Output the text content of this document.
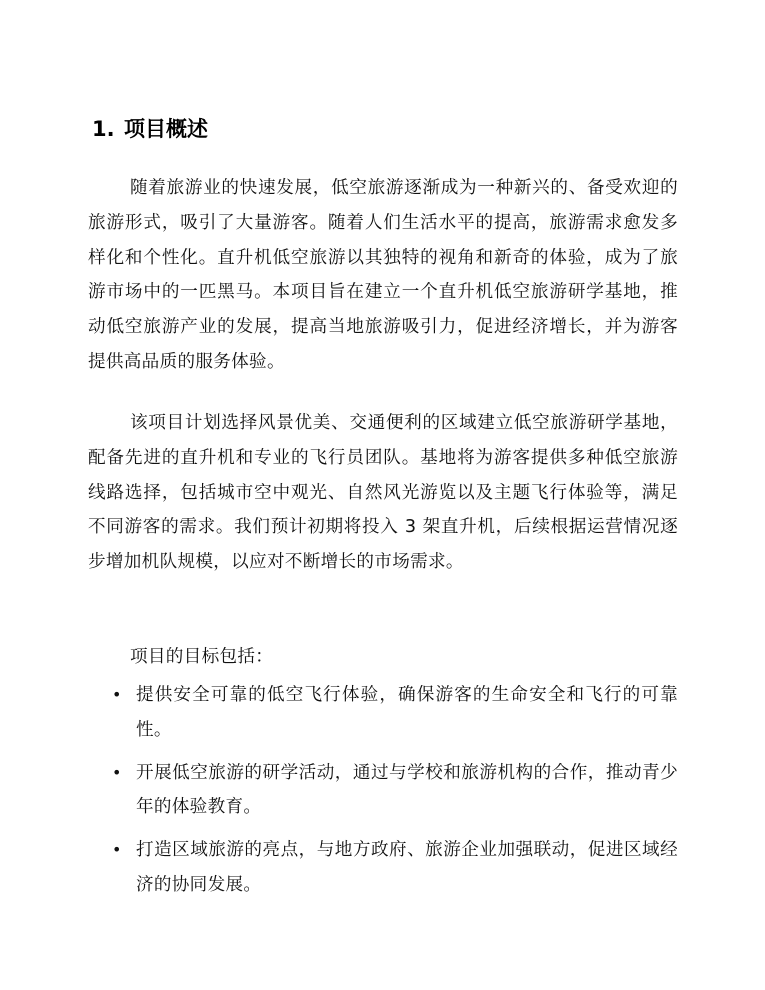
1. 项目概述

随着旅游业的快速发展，低空旅游逐渐成为一种新兴的、备受欢迎的旅游形式，吸引了大量游客。随着人们生活水平的提高，旅游需求愈发多样化和个性化。直升机低空旅游以其独特的视角和新奇的体验，成为了旅游市场中的一匹黑马。本项目旨在建立一个直升机低空旅游研学基地，推动低空旅游产业的发展，提高当地旅游吸引力，促进经济增长，并为游客提供高品质的服务体验。

该项目计划选择风景优美、交通便利的区域建立低空旅游研学基地，配备先进的直升机和专业的飞行员团队。基地将为游客提供多种低空旅游线路选择，包括城市空中观光、自然风光游览以及主题飞行体验等，满足不同游客的需求。我们预计初期将投入 3 架直升机，后续根据运营情况逐步增加机队规模，以应对不断增长的市场需求。

项目的目标包括：

• 提供安全可靠的低空飞行体验，确保游客的生命安全和飞行的可靠性。
• 开展低空旅游的研学活动，通过与学校和旅游机构的合作，推动青少年的体验教育。
• 打造区域旅游的亮点，与地方政府、旅游企业加强联动，促进区域经济的协同发展。
